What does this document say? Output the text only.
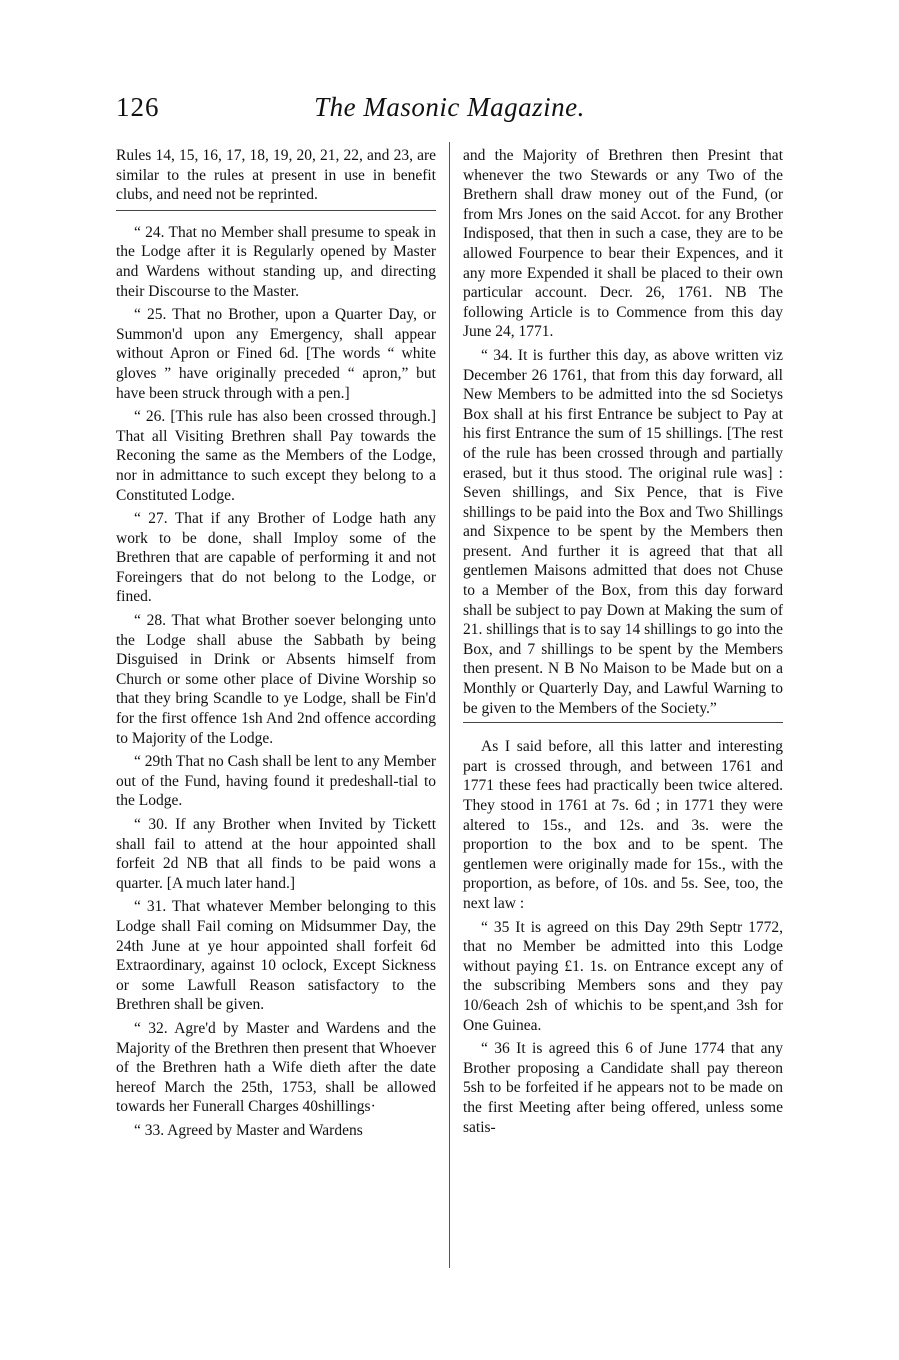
126	The Masonic Magazine.

Rules 14, 15, 16, 17, 18, 19, 20, 21, 22, and 23, are similar to the rules at present in use in benefit clubs, and need not be reprinted.

“ 24. That no Member shall presume to speak in the Lodge after it is Regularly opened by Master and Wardens without standing up, and directing their Discourse to the Master.

“ 25. That no Brother, upon a Quarter Day, or Summon'd upon any Emergency, shall appear without Apron or Fined 6d. [The words “ white gloves ” have originally preceded “ apron,” but have been struck through with a pen.]

“ 26. [This rule has also been crossed through.] That all Visiting Brethren shall Pay towards the Reconing the same as the Members of the Lodge, nor in admittance to such except they belong to a Constituted Lodge.

“ 27. That if any Brother of Lodge hath any work to be done, shall Imploy some of the Brethren that are capable of performing it and not Foreingers that do not belong to the Lodge, or fined.

“ 28. That what Brother soever belonging unto the Lodge shall abuse the Sabbath by being Disguised in Drink or Absents himself from Church or some other place of Divine Worship so that they bring Scandle to ye Lodge, shall be Fin'd for the first offence 1sh And 2nd offence according to Majority of the Lodge.

“ 29th That no Cash shall be lent to any Member out of the Fund, having found it predeshall-tial to the Lodge.

“ 30. If any Brother when Invited by Tickett shall fail to attend at the hour appointed shall forfeit 2d NB that all finds to be paid wons a quarter. [A much later hand.]

“ 31. That whatever Member belonging to this Lodge shall Fail coming on Midsummer Day, the 24th June at ye hour appointed shall forfeit 6d Extraordinary, against 10 oclock, Except Sickness or some Lawfull Reason satisfactory to the Brethren shall be given.

“ 32. Agre'd by Master and Wardens and the Majority of the Brethren then present that Whoever of the Brethren hath a Wife dieth after the date hereof March the 25th, 1753, shall be allowed towards her Funerall Charges 40shillings·

“ 33. Agreed by Master and Wardens

and the Majority of Brethren then Presint that whenever the two Stewards or any Two of the Brethern shall draw money out of the Fund, (or from Mrs Jones on the said Accot. for any Brother Indisposed, that then in such a case, they are to be allowed Fourpence to bear their Expences, and it any more Expended it shall be placed to their own particular account. Decr. 26, 1761. NB The following Article is to Commence from this day June 24, 1771.

“ 34. It is further this day, as above written viz December 26 1761, that from this day forward, all New Members to be admitted into the sd Societys Box shall at his first Entrance be subject to Pay at his first Entrance the sum of 15 shillings. [The rest of the rule has been crossed through and partially erased, but it thus stood. The original rule was] : Seven shillings, and Six Pence, that is Five shillings to be paid into the Box and Two Shillings and Sixpence to be spent by the Members then present. And further it is agreed that that all gentlemen Maisons admitted that does not Chuse to a Member of the Box, from this day forward shall be subject to pay Down at Making the sum of 21. shillings that is to say 14 shillings to go into the Box, and 7 shillings to be spent by the Members then present. N B No Maison to be Made but on a Monthly or Quarterly Day, and Lawful Warning to be given to the Members of the Society.”

As I said before, all this latter and interesting part is crossed through, and between 1761 and 1771 these fees had practically been twice altered. They stood in 1761 at 7s. 6d ; in 1771 they were altered to 15s., and 12s. and 3s. were the proportion to the box and to be spent. The gentlemen were originally made for 15s., with the proportion, as before, of 10s. and 5s. See, too, the next law :

“ 35 It is agreed on this Day 29th Septr 1772, that no Member be admitted into this Lodge without paying £1. 1s. on Entrance except any of the subscribing Members sons and they pay 10/6each 2sh of whichis to be spent,and 3sh for One Guinea.

“ 36 It is agreed this 6 of June 1774 that any Brother proposing a Candidate shall pay thereon 5sh to be forfeited if he appears not to be made on the first Meeting after being offered, unless some satis-
